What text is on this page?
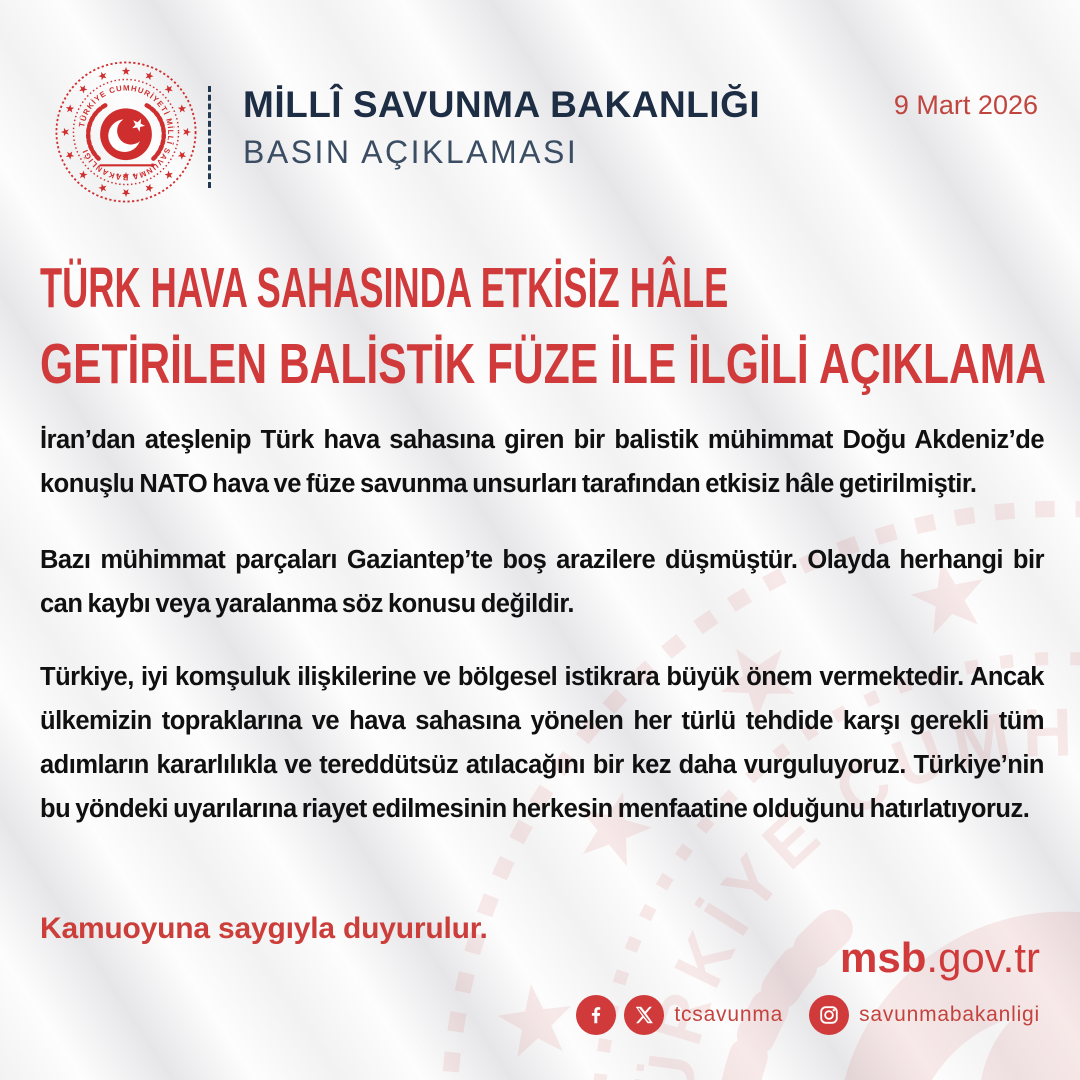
MİLLÎ SAVUNMA BAKANLIĞI
BASIN AÇIKLAMASI
9 Mart 2026
TÜRK HAVA SAHASINDA ETKİSİZ HÂLE
GETİRİLEN BALİSTİK FÜZE İLE İLGİLİ AÇIKLAMA

İran’dan ateşlenip Türk hava sahasına giren bir balistik mühimmat Doğu Akdeniz’de konuşlu NATO hava ve füze savunma unsurları tarafından etkisiz hâle getirilmiştir.

Bazı mühimmat parçaları Gaziantep’te boş arazilere düşmüştür. Olayda herhangi bir can kaybı veya yaralanma söz konusu değildir.

Türkiye, iyi komşuluk ilişkilerine ve bölgesel istikrara büyük önem vermektedir. Ancak ülkemizin topraklarına ve hava sahasına yönelen her türlü tehdide karşı gerekli tüm adımların kararlılıkla ve tereddütsüz atılacağını bir kez daha vurguluyoruz. Türkiye’nin bu yöndeki uyarılarına riayet edilmesinin herkesin menfaatine olduğunu hatırlatıyoruz.

Kamuoyuna saygıyla duyurulur.

msb.gov.tr
tcsavunma	savunmabakanligi
